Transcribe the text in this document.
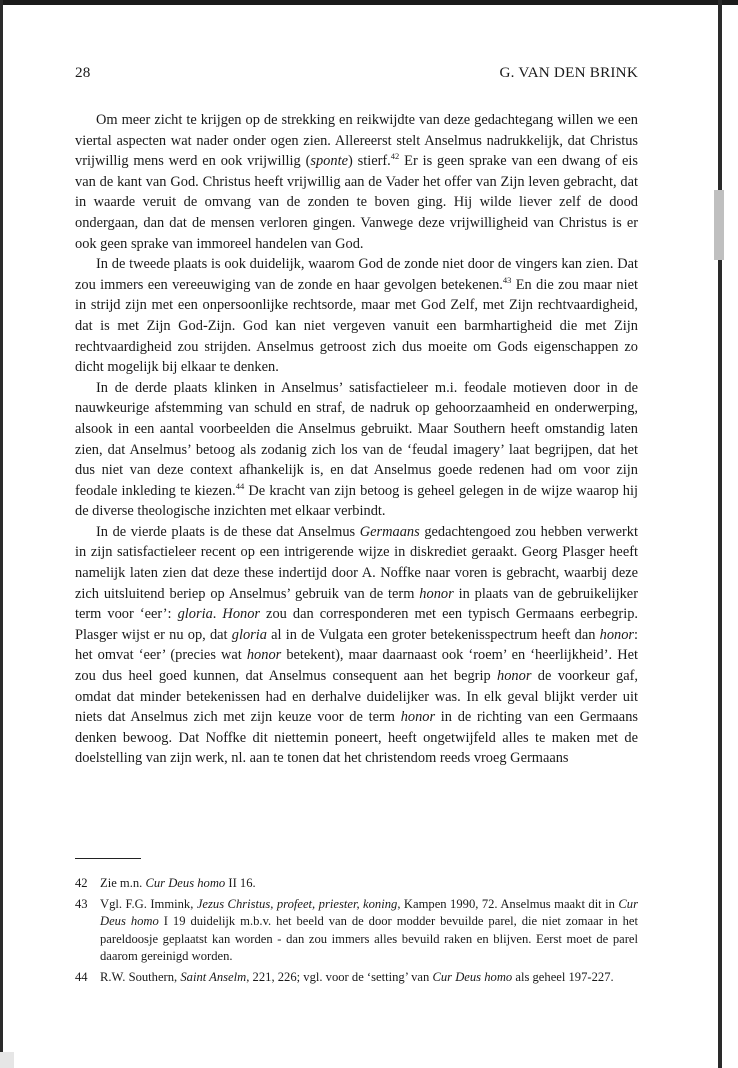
28	G. VAN DEN BRINK

Om meer zicht te krijgen op de strekking en reikwijdte van deze gedachtegang willen we een viertal aspecten wat nader onder ogen zien. Allereerst stelt Anselmus nadrukkelijk, dat Christus vrijwillig mens werd en ook vrijwillig (sponte) stierf.$^{42}$ Er is geen sprake van een dwang of eis van de kant van God. Christus heeft vrijwillig aan de Vader het offer van Zijn leven gebracht, dat in waarde veruit de omvang van de zonden te boven ging. Hij wilde liever zelf de dood ondergaan, dan dat de mensen verloren gingen. Vanwege deze vrijwilligheid van Christus is er ook geen sprake van immoreel handelen van God.

In de tweede plaats is ook duidelijk, waarom God de zonde niet door de vingers kan zien. Dat zou immers een vereeuwiging van de zonde en haar gevolgen betekenen.$^{43}$ En die zou maar niet in strijd zijn met een onpersoonlijke rechtsorde, maar met God Zelf, met Zijn rechtvaardigheid, dat is met Zijn God-Zijn. God kan niet vergeven vanuit een barmhartigheid die met Zijn rechtvaardigheid zou strijden. Anselmus getroost zich dus moeite om Gods eigenschappen zo dicht mogelijk bij elkaar te denken.

In de derde plaats klinken in Anselmus’ satisfactieleer m.i. feodale motieven door in de nauwkeurige afstemming van schuld en straf, de nadruk op gehoorzaamheid en onderwerping, alsook in een aantal voorbeelden die Anselmus gebruikt. Maar Southern heeft omstandig laten zien, dat Anselmus’ betoog als zodanig zich los van de ‘feudal imagery’ laat begrijpen, dat het dus niet van deze context afhankelijk is, en dat Anselmus goede redenen had om voor zijn feodale inkleding te kiezen.$^{44}$ De kracht van zijn betoog is geheel gelegen in de wijze waarop hij de diverse theologische inzichten met elkaar verbindt.

In de vierde plaats is de these dat Anselmus Germaans gedachtengoed zou hebben verwerkt in zijn satisfactieleer recent op een intrigerende wijze in diskrediet geraakt. Georg Plasger heeft namelijk laten zien dat deze these indertijd door A. Noffke naar voren is gebracht, waarbij deze zich uitsluitend beriep op Anselmus’ gebruik van de term honor in plaats van de gebruikelijker term voor ‘eer’: gloria. Honor zou dan corresponderen met een typisch Germaans eerbegrip. Plasger wijst er nu op, dat gloria al in de Vulgata een groter betekenisspectrum heeft dan honor: het omvat ‘eer’ (precies wat honor betekent), maar daarnaast ook ‘roem’ en ‘heerlijkheid’. Het zou dus heel goed kunnen, dat Anselmus consequent aan het begrip honor de voorkeur gaf, omdat dat minder betekenissen had en derhalve duidelijker was. In elk geval blijkt verder uit niets dat Anselmus zich met zijn keuze voor de term honor in de richting van een Germaans denken bewoog. Dat Noffke dit niettemin poneert, heeft ongetwijfeld alles te maken met de doelstelling van zijn werk, nl. aan te tonen dat het christendom reeds vroeg Germaans

42 Zie m.n. Cur Deus homo II 16.
43 Vgl. F.G. Immink, Jezus Christus, profeet, priester, koning, Kampen 1990, 72. Anselmus maakt dit in Cur Deus homo I 19 duidelijk m.b.v. het beeld van de door modder bevuilde parel, die niet zomaar in het pareldoosje geplaatst kan worden - dan zou immers alles bevuild raken en blijven. Eerst moet de parel daarom gereinigd worden.
44 R.W. Southern, Saint Anselm, 221, 226; vgl. voor de ‘setting’ van Cur Deus homo als geheel 197-227.
